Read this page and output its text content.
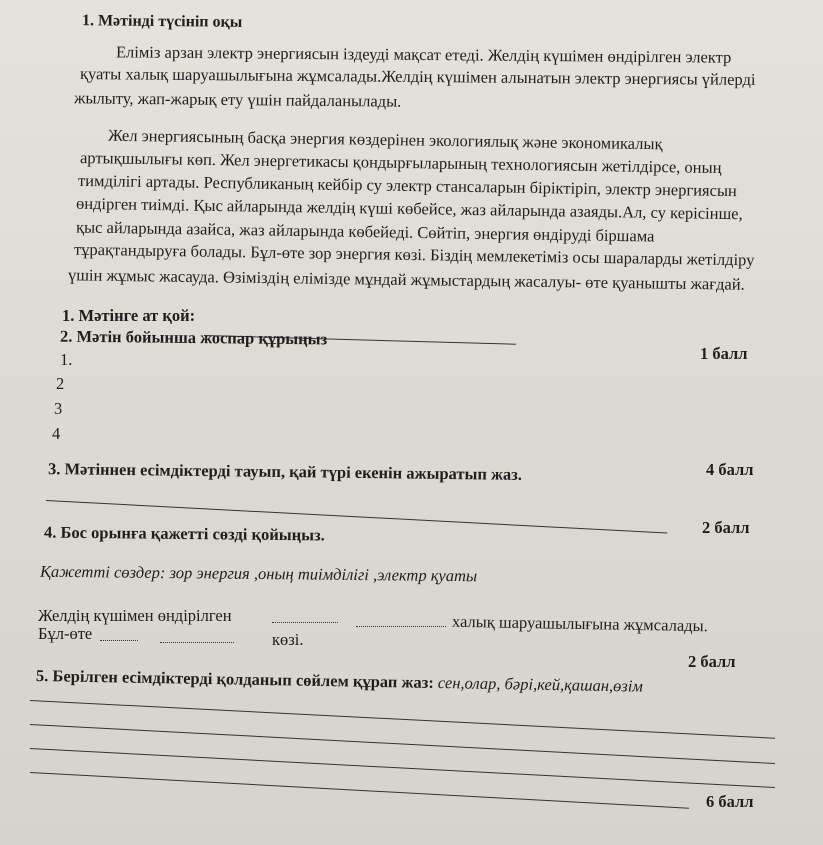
1. Мәтінді түсініп оқы
Еліміз арзан электр энергиясын іздеуді мақсат етеді. Желдің күшімен өндірілген электр
қуаты халық шаруашылығына жұмсалады.Желдің күшімен алынатын электр энергиясы үйлерді
жылыту, жап-жарық ету үшін пайдаланылады.
Жел энергиясының басқа энергия көздерінен экологиялық және экономикалық
артықшылығы көп. Жел энергетикасы қондырғыларының технологиясын жетілдірсе, оның
тимділігі артады. Республиканың кейбір су электр стансаларын біріктіріп, электр энергиясын
өндірген тиімді. Қыс айларында желдің күші көбейсе, жаз айларында азаяды.Ал, су керісінше,
қыс айларында азайса, жаз айларында көбейеді. Сөйтіп, энергия өндіруді біршама
тұрақтандыруға болады. Бұл-өте зор энергия көзі. Біздің мемлекетіміз осы шараларды жетілдіру
үшін жұмыс жасауда. Өзіміздің елімізде мұндай жұмыстардың жасалуы- өте қуанышты жағдай.
1. Мәтінге ат қой:
1 балл
2. Мәтін бойынша жоспар құрыңыз
1.
2
3
4
4 балл
3. Мәтіннен есімдіктерді тауып, қай түрі екенін ажыратып жаз.
2 балл
4. Бос орынға қажетті сөзді қойыңыз.
Қажетті сөздер: зор энергия ,оның тиімділігі ,электр қуаты
Желдің күшімен өндірілген	халық шаруашылығына жұмсалады.
Бұл-өте	көзі.
2 балл
5. Берілген есімдіктерді қолданып сөйлем құрап жаз: сен,олар, бәрі,кей,қашан,өзім
6 балл
